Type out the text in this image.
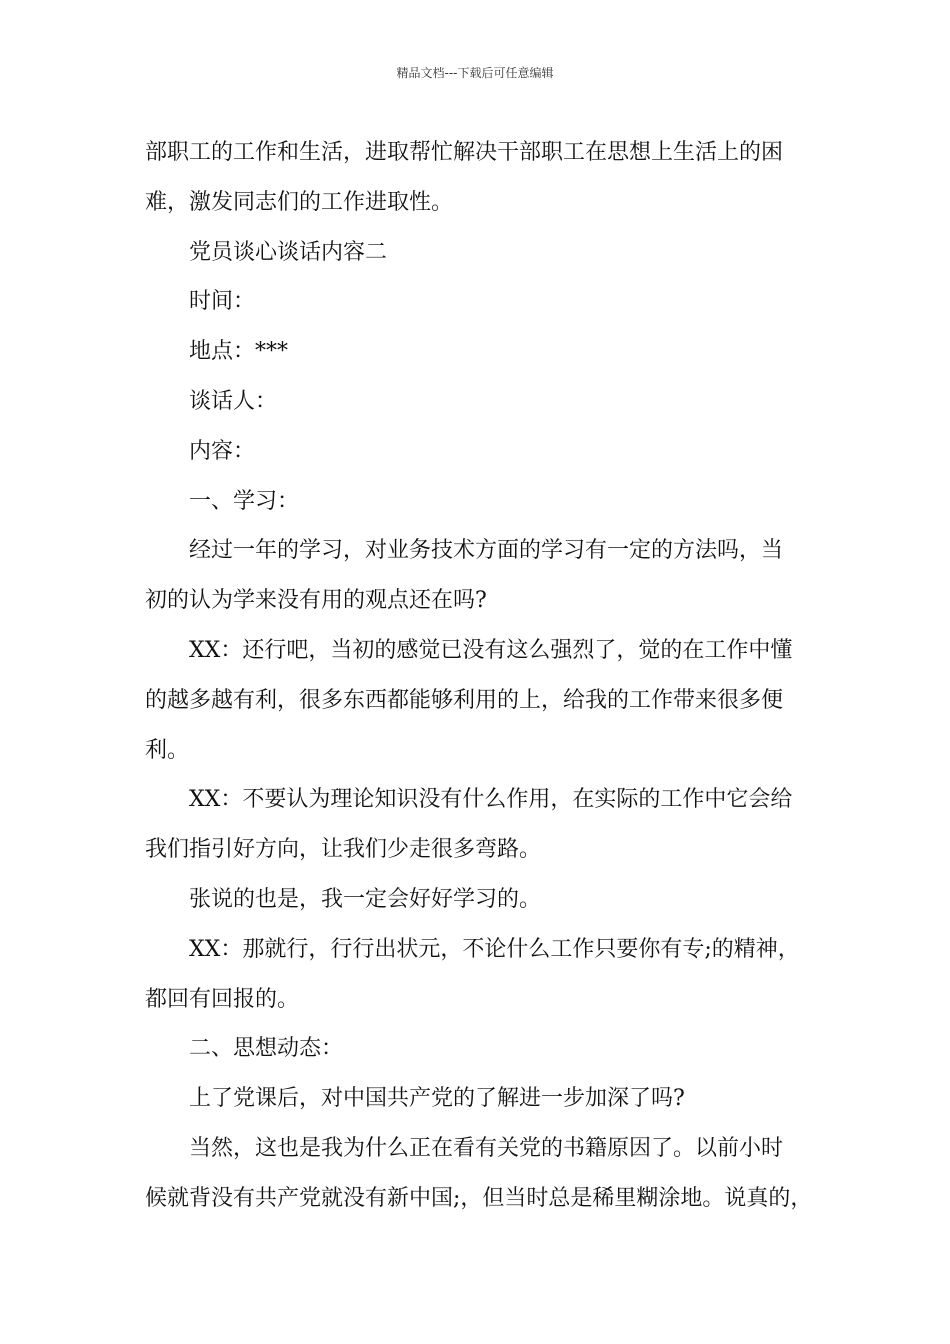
精品文档---下载后可任意编辑

部职工的工作和生活，进取帮忙解决干部职工在思想上生活上的困
难，激发同志们的工作进取性。

党员谈心谈话内容二

时间：

地点：***

谈话人：

内容：

一、学习：

经过一年的学习，对业务技术方面的学习有一定的方法吗，当
初的认为学来没有用的观点还在吗?

XX：还行吧，当初的感觉已没有这么强烈了，觉的在工作中懂
的越多越有利，很多东西都能够利用的上，给我的工作带来很多便
利。

XX：不要认为理论知识没有什么作用，在实际的工作中它会给
我们指引好方向，让我们少走很多弯路。

张说的也是，我一定会好好学习的。

XX：那就行，行行出状元，不论什么工作只要你有专;的精神，
都回有回报的。

二、思想动态：

上了党课后，对中国共产党的了解进一步加深了吗?

当然，这也是我为什么正在看有关党的书籍原因了。以前小时
候就背没有共产党就没有新中国;，但当时总是稀里糊涂地。说真的，
